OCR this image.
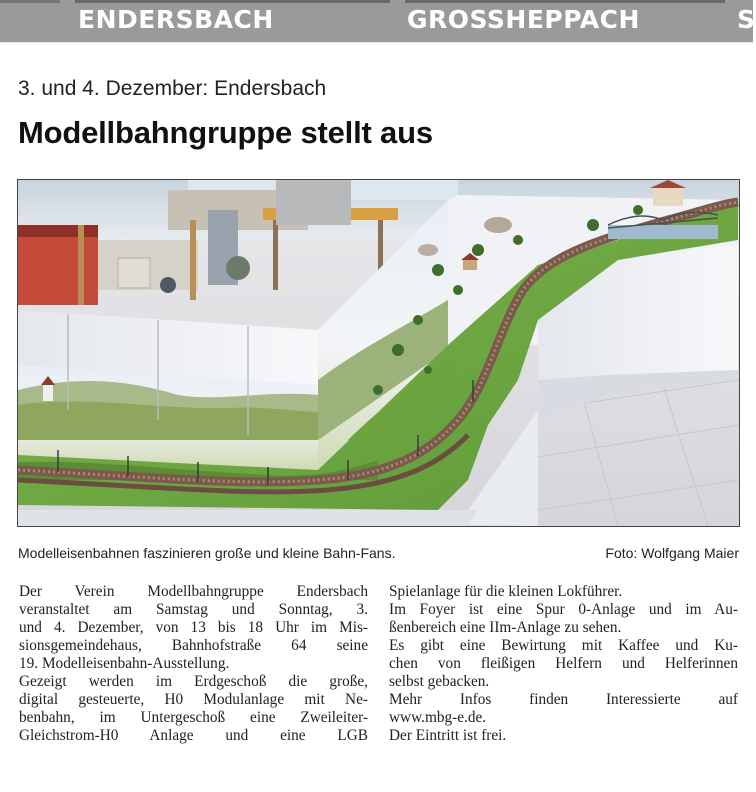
ENDERSBACH	GROSSHEPPACH	S
3. und 4. Dezember: Endersbach
Modellbahngruppe stellt aus
Modelleisenbahnen faszinieren große und kleine Bahn-Fans.	Foto: Wolfgang Maier
Der Verein Modellbahngruppe Endersbach
veranstaltet am Samstag und Sonntag, 3.
und 4. Dezember, von 13 bis 18 Uhr im Mis-
sionsgemeindehaus, Bahnhofstraße 64 seine
19. Modelleisenbahn-Ausstellung.
Gezeigt werden im Erdgeschoß die große,
digital gesteuerte, H0 Modulanlage mit Ne-
benbahn, im Untergeschoß eine Zweileiter-
Gleichstrom-H0 Anlage und eine LGB
Spielanlage für die kleinen Lokführer.
Im Foyer ist eine Spur 0-Anlage und im Au-
ßenbereich eine IIm-Anlage zu sehen.
Es gibt eine Bewirtung mit Kaffee und Ku-
chen von fleißigen Helfern und Helferinnen
selbst gebacken.
Mehr Infos finden Interessierte auf
www.mbg-e.de.
Der Eintritt ist frei.
